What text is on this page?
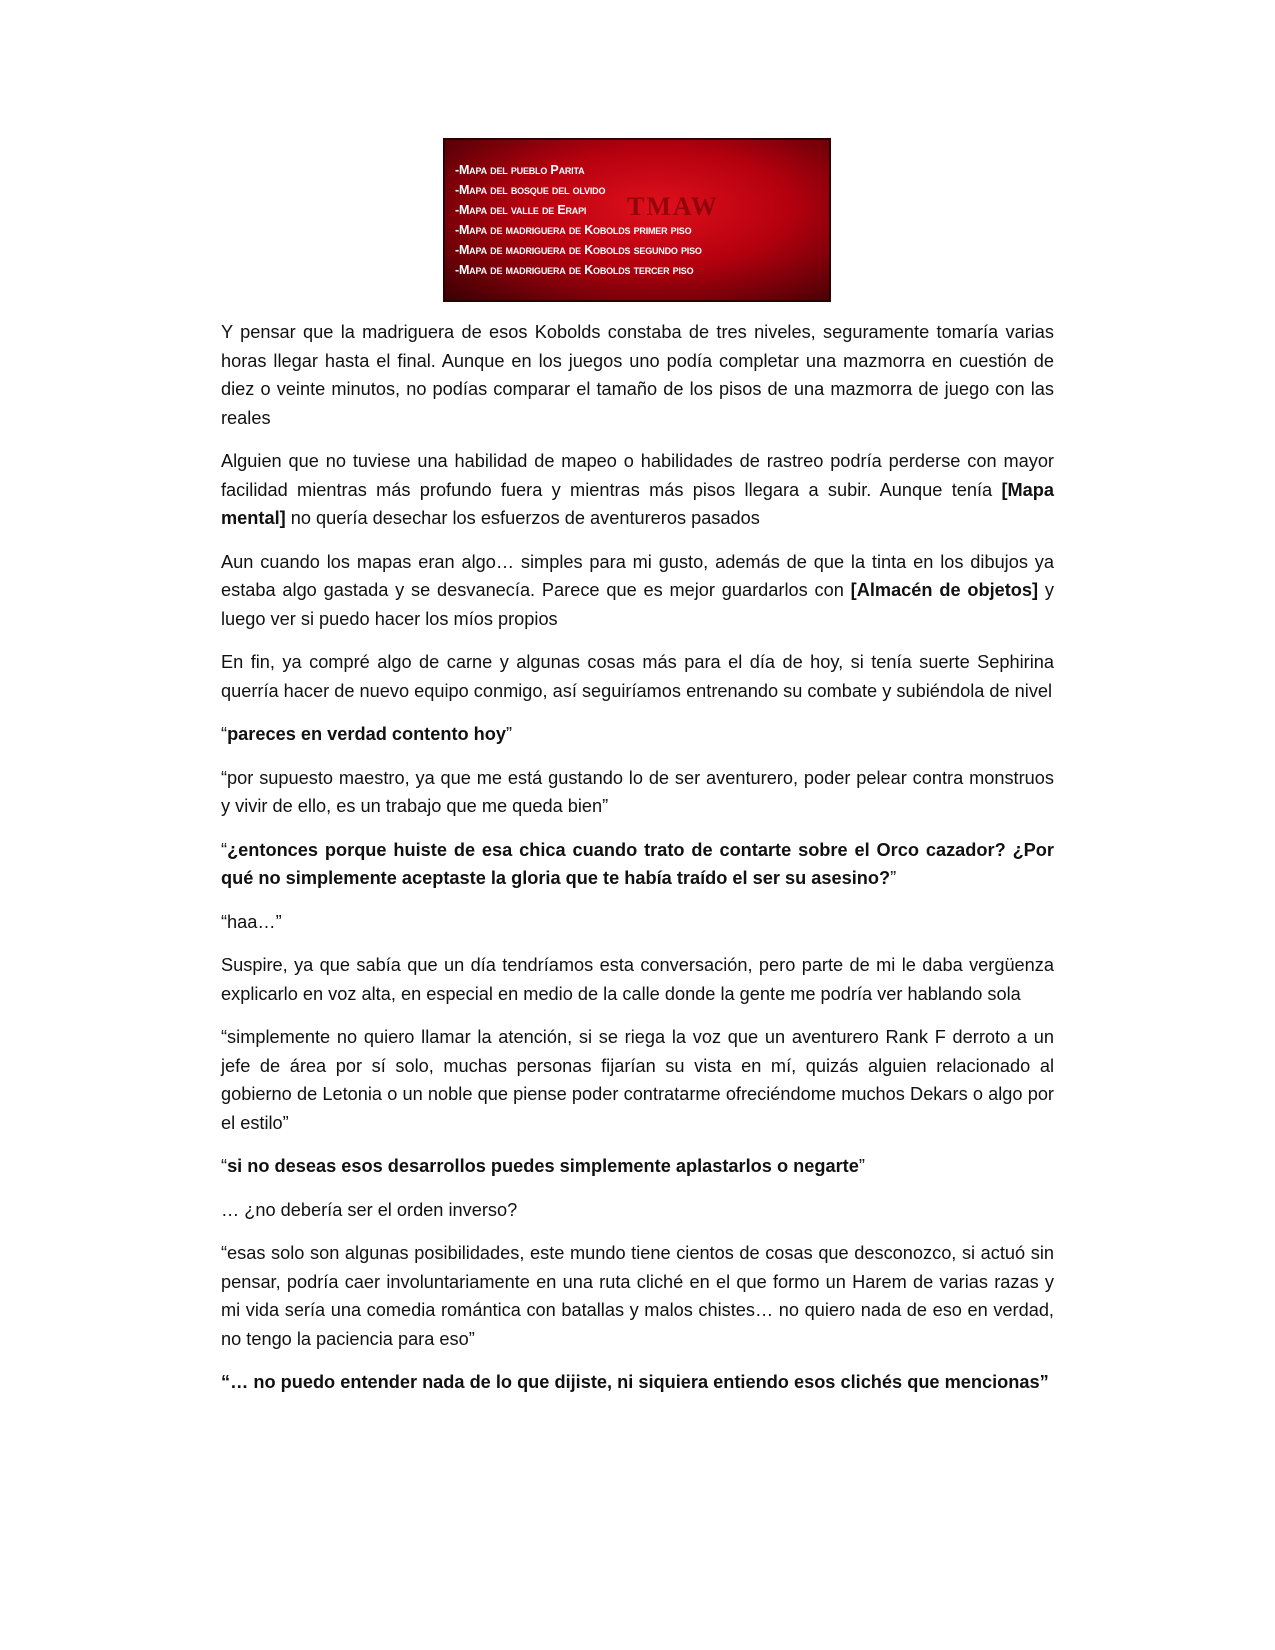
TMAW
-Mapa del pueblo Parita
-Mapa del bosque del olvido
-Mapa del valle de Erapi
-Mapa de madriguera de Kobolds primer piso
-Mapa de madriguera de Kobolds segundo piso
-Mapa de madriguera de Kobolds tercer piso

Y pensar que la madriguera de esos Kobolds constaba de tres niveles, seguramente tomaría varias horas llegar hasta el final. Aunque en los juegos uno podía completar una mazmorra en cuestión de diez o veinte minutos, no podías comparar el tamaño de los pisos de una mazmorra de juego con las reales

Alguien que no tuviese una habilidad de mapeo o habilidades de rastreo podría perderse con mayor facilidad mientras más profundo fuera y mientras más pisos llegara a subir. Aunque tenía [Mapa mental] no quería desechar los esfuerzos de aventureros pasados

Aun cuando los mapas eran algo… simples para mi gusto, además de que la tinta en los dibujos ya estaba algo gastada y se desvanecía. Parece que es mejor guardarlos con [Almacén de objetos] y luego ver si puedo hacer los míos propios

En fin, ya compré algo de carne y algunas cosas más para el día de hoy, si tenía suerte Sephirina querría hacer de nuevo equipo conmigo, así seguiríamos entrenando su combate y subiéndola de nivel

“pareces en verdad contento hoy”

“por supuesto maestro, ya que me está gustando lo de ser aventurero, poder pelear contra monstruos y vivir de ello, es un trabajo que me queda bien”

“¿entonces porque huiste de esa chica cuando trato de contarte sobre el Orco cazador? ¿Por qué no simplemente aceptaste la gloria que te había traído el ser su asesino?”

“haa…”

Suspire, ya que sabía que un día tendríamos esta conversación, pero parte de mi le daba vergüenza explicarlo en voz alta, en especial en medio de la calle donde la gente me podría ver hablando sola

“simplemente no quiero llamar la atención, si se riega la voz que un aventurero Rank F derroto a un jefe de área por sí solo, muchas personas fijarían su vista en mí, quizás alguien relacionado al gobierno de Letonia o un noble que piense poder contratarme ofreciéndome muchos Dekars o algo por el estilo”

“si no deseas esos desarrollos puedes simplemente aplastarlos o negarte”

… ¿no debería ser el orden inverso?

“esas solo son algunas posibilidades, este mundo tiene cientos de cosas que desconozco, si actuó sin pensar, podría caer involuntariamente en una ruta cliché en el que formo un Harem de varias razas y mi vida sería una comedia romántica con batallas y malos chistes… no quiero nada de eso en verdad, no tengo la paciencia para eso”

“… no puedo entender nada de lo que dijiste, ni siquiera entiendo esos clichés que mencionas”
